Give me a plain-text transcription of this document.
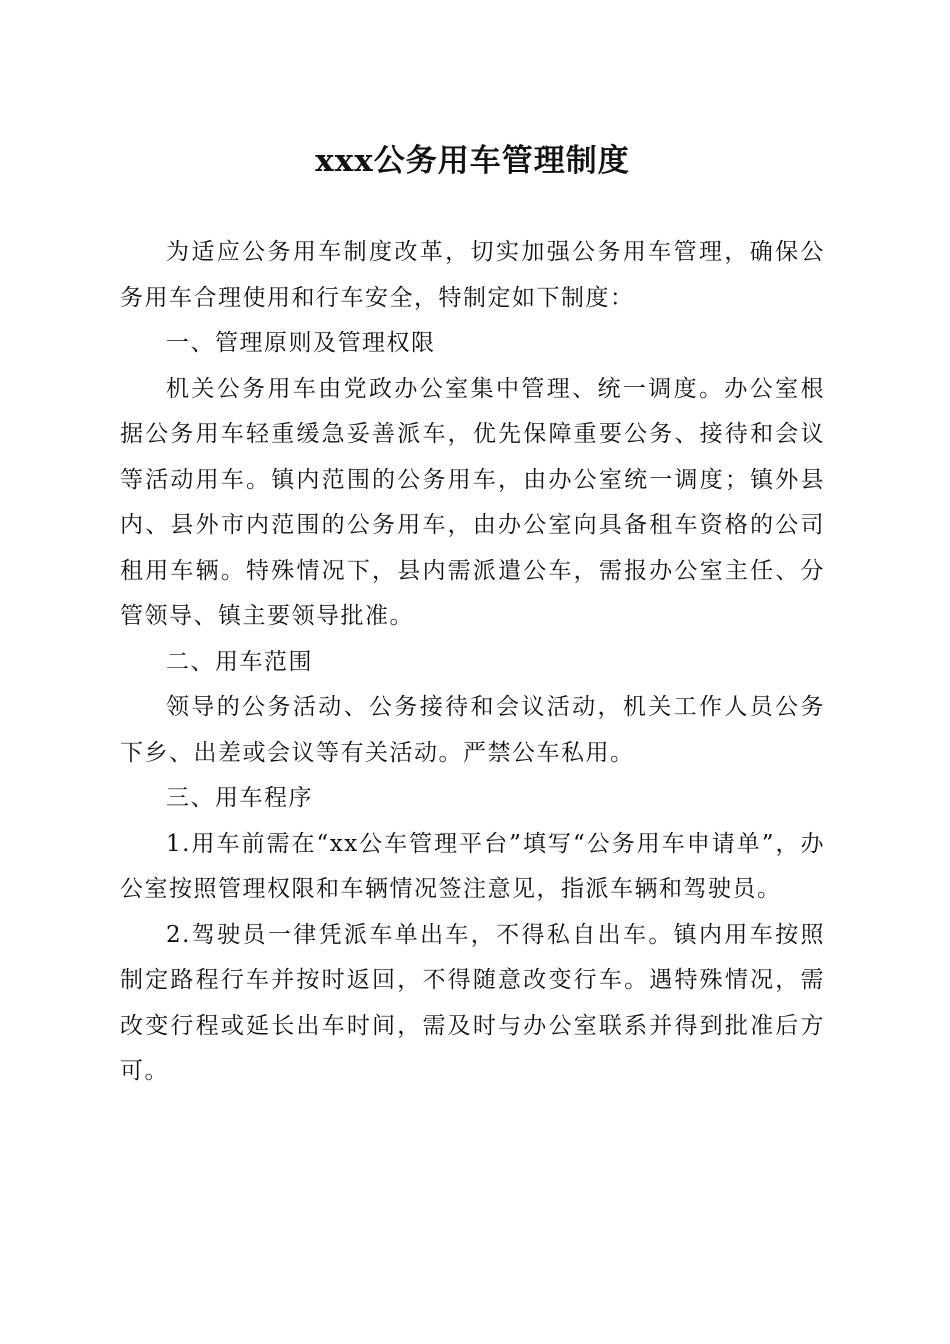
xxx公务用车管理制度

为适应公务用车制度改革，切实加强公务用车管理，确保公务用车合理使用和行车安全，特制定如下制度：

一、管理原则及管理权限

机关公务用车由党政办公室集中管理、统一调度。办公室根据公务用车轻重缓急妥善派车，优先保障重要公务、接待和会议等活动用车。镇内范围的公务用车，由办公室统一调度；镇外县内、县外市内范围的公务用车，由办公室向具备租车资格的公司租用车辆。特殊情况下，县内需派遣公车，需报办公室主任、分管领导、镇主要领导批准。

二、用车范围

领导的公务活动、公务接待和会议活动，机关工作人员公务下乡、出差或会议等有关活动。严禁公车私用。

三、用车程序

1.用车前需在“xx公车管理平台”填写“公务用车申请单”，办公室按照管理权限和车辆情况签注意见，指派车辆和驾驶员。

2.驾驶员一律凭派车单出车，不得私自出车。镇内用车按照制定路程行车并按时返回，不得随意改变行车。遇特殊情况，需改变行程或延长出车时间，需及时与办公室联系并得到批准后方可。
